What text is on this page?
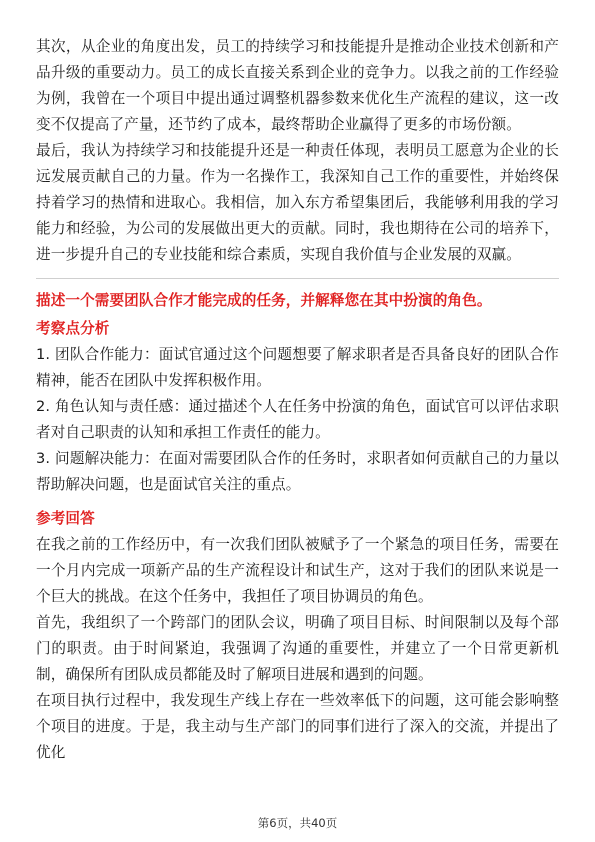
其次，从企业的角度出发，员工的持续学习和技能提升是推动企业技术创新和产品升级的重要动力。员工的成长直接关系到企业的竞争力。以我之前的工作经验为例，我曾在一个项目中提出通过调整机器参数来优化生产流程的建议，这一改变不仅提高了产量，还节约了成本，最终帮助企业赢得了更多的市场份额。

最后，我认为持续学习和技能提升还是一种责任体现，表明员工愿意为企业的长远发展贡献自己的力量。作为一名操作工，我深知自己工作的重要性，并始终保持着学习的热情和进取心。我相信，加入东方希望集团后，我能够利用我的学习能力和经验，为公司的发展做出更大的贡献。同时，我也期待在公司的培养下，进一步提升自己的专业技能和综合素质，实现自我价值与企业发展的双赢。

描述一个需要团队合作才能完成的任务，并解释您在其中扮演的角色。

考察点分析

1. 团队合作能力：面试官通过这个问题想要了解求职者是否具备良好的团队合作精神，能否在团队中发挥积极作用。

2. 角色认知与责任感：通过描述个人在任务中扮演的角色，面试官可以评估求职者对自己职责的认知和承担工作责任的能力。

3. 问题解决能力：在面对需要团队合作的任务时，求职者如何贡献自己的力量以帮助解决问题，也是面试官关注的重点。

参考回答

在我之前的工作经历中，有一次我们团队被赋予了一个紧急的项目任务，需要在一个月内完成一项新产品的生产流程设计和试生产，这对于我们的团队来说是一个巨大的挑战。在这个任务中，我担任了项目协调员的角色。

首先，我组织了一个跨部门的团队会议，明确了项目目标、时间限制以及每个部门的职责。由于时间紧迫，我强调了沟通的重要性，并建立了一个日常更新机制，确保所有团队成员都能及时了解项目进展和遇到的问题。

在项目执行过程中，我发现生产线上存在一些效率低下的问题，这可能会影响整个项目的进度。于是，我主动与生产部门的同事们进行了深入的交流，并提出了优化

第6页，共40页
